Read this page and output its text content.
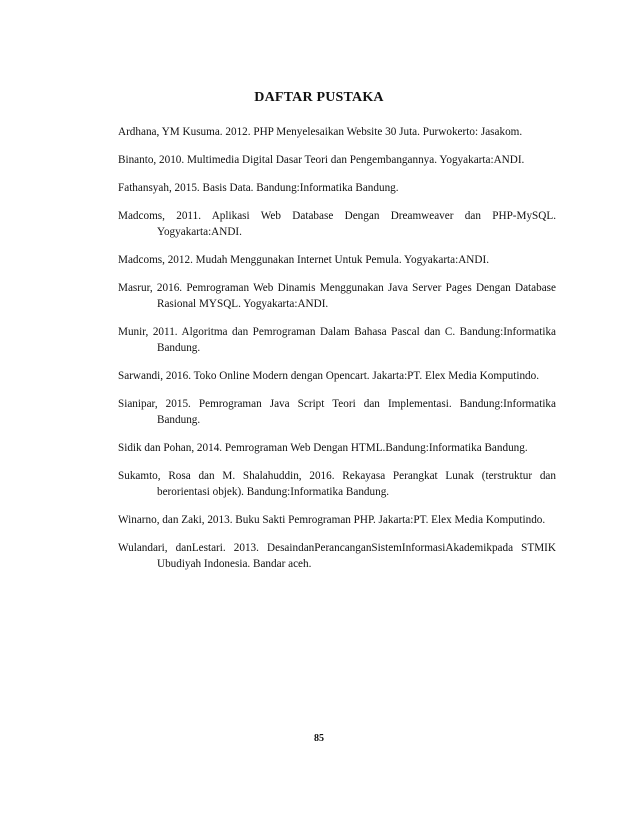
DAFTAR PUSTAKA
Ardhana, YM Kusuma. 2012. PHP Menyelesaikan Website 30 Juta. Purwokerto: Jasakom.
Binanto, 2010. Multimedia Digital Dasar Teori dan Pengembangannya. Yogyakarta:ANDI.
Fathansyah, 2015. Basis Data. Bandung:Informatika Bandung.
Madcoms, 2011. Aplikasi Web Database Dengan Dreamweaver dan PHP-MySQL. Yogyakarta:ANDI.
Madcoms, 2012. Mudah Menggunakan Internet Untuk Pemula. Yogyakarta:ANDI.
Masrur, 2016. Pemrograman Web Dinamis Menggunakan Java Server Pages Dengan Database Rasional MYSQL. Yogyakarta:ANDI.
Munir, 2011. Algoritma dan Pemrograman Dalam Bahasa Pascal dan C. Bandung:Informatika Bandung.
Sarwandi, 2016. Toko Online Modern dengan Opencart. Jakarta:PT. Elex Media Komputindo.
Sianipar, 2015. Pemrograman Java Script Teori dan Implementasi. Bandung:Informatika Bandung.
Sidik dan Pohan, 2014. Pemrograman Web Dengan HTML.Bandung:Informatika Bandung.
Sukamto, Rosa dan M. Shalahuddin, 2016. Rekayasa Perangkat Lunak (terstruktur dan berorientasi objek). Bandung:Informatika Bandung.
Winarno, dan Zaki, 2013. Buku Sakti Pemrograman PHP. Jakarta:PT. Elex Media Komputindo.
Wulandari, danLestari. 2013. DesaindanPerancanganSistemInformasiAkademikpada STMIK Ubudiyah Indonesia. Bandar aceh.
85
